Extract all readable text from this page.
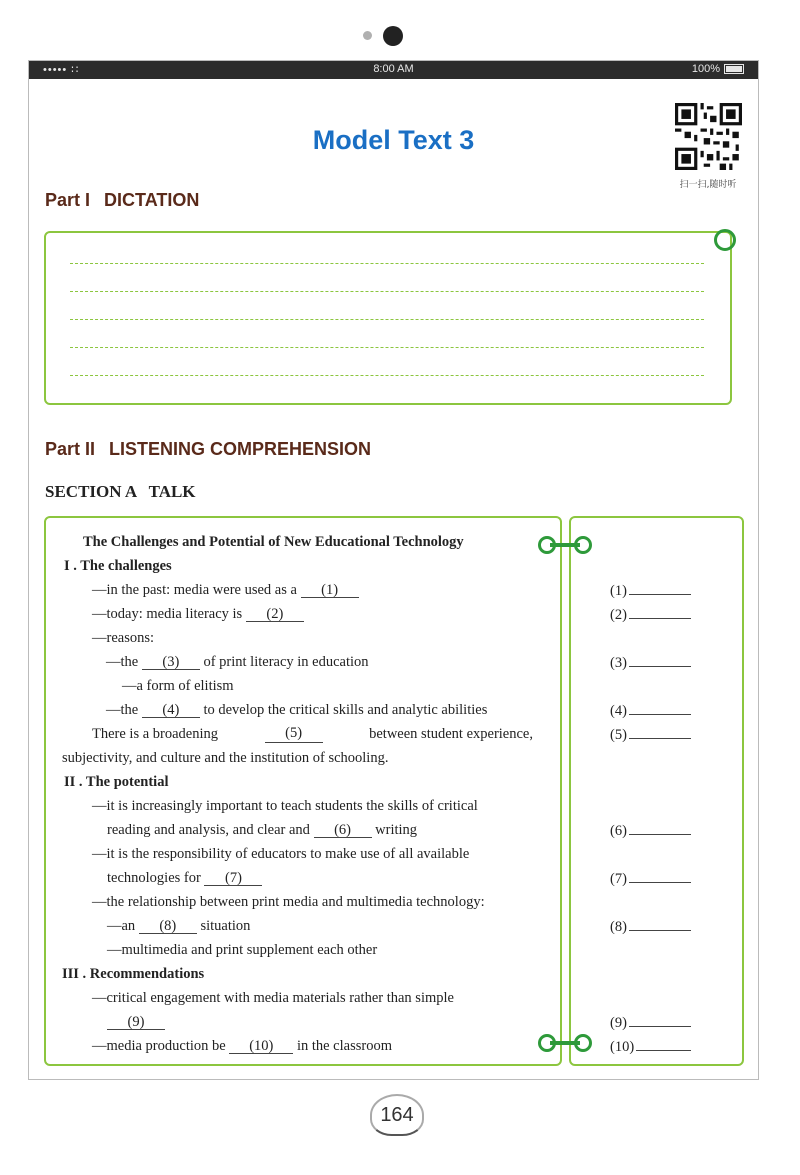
••••• ∷	8:00 AM	100%
Model Text 3
扫一扫,随时听
Part I DICTATION
Part II LISTENING COMPREHENSION
SECTION A   TALK
The Challenges and Potential of New Educational Technology
I . The challenges
—in the past: media were used as a (1)
—today: media literacy is (2)
—reasons:
—the (3) of print literacy in education
—a form of elitism
—the (4) to develop the critical skills and analytic abilities
There is a broadening	(5)	between student experience,
subjectivity, and culture and the institution of schooling.
II . The potential
—it is increasingly important to teach students the skills of critical
reading and analysis, and clear and (6) writing
—it is the responsibility of educators to make use of all available
technologies for (7)
—the relationship between print media and multimedia technology:
—an (8) situation
—multimedia and print supplement each other
III . Recommendations
—critical engagement with media materials rather than simple
(9)
—media production be (10) in the classroom
(1)
(2)
(3)
(4)
(5)
(6)
(7)
(8)
(9)
(10)
164
